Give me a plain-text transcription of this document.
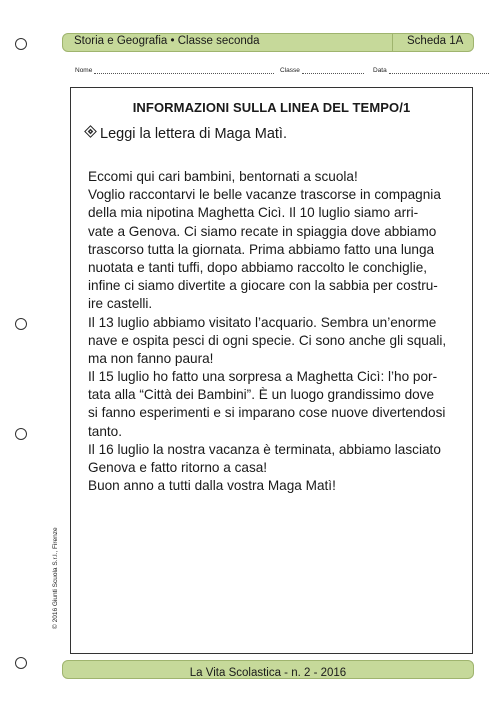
Storia e Geografia • Classe seconda	Scheda 1A
Nome	Classe	Data
INFORMAZIONI SULLA LINEA DEL TEMPO/1
Leggi la lettera di Maga Matì.
Eccomi qui cari bambini, bentornati a scuola!
Voglio raccontarvi le belle vacanze trascorse in compagnia
della mia nipotina Maghetta Cicì. Il 10 luglio siamo arri-
vate a Genova. Ci siamo recate in spiaggia dove abbiamo
trascorso tutta la giornata. Prima abbiamo fatto una lunga
nuotata e tanti tuffi, dopo abbiamo raccolto le conchiglie,
infine ci siamo divertite a giocare con la sabbia per costru-
ire castelli.
Il 13 luglio abbiamo visitato l’acquario. Sembra un’enorme
nave e ospita pesci di ogni specie. Ci sono anche gli squali,
ma non fanno paura!
Il 15 luglio ho fatto una sorpresa a Maghetta Cicì: l’ho por-
tata alla “Città dei Bambini”. È un luogo grandissimo dove
si fanno esperimenti e si imparano cose nuove divertendosi
tanto.
Il 16 luglio la nostra vacanza è terminata, abbiamo lasciato
Genova e fatto ritorno a casa!
Buon anno a tutti dalla vostra Maga Matì!
© 2016 Giunti Scuola S.r.l., Firenze
La Vita Scolastica - n. 2 - 2016
